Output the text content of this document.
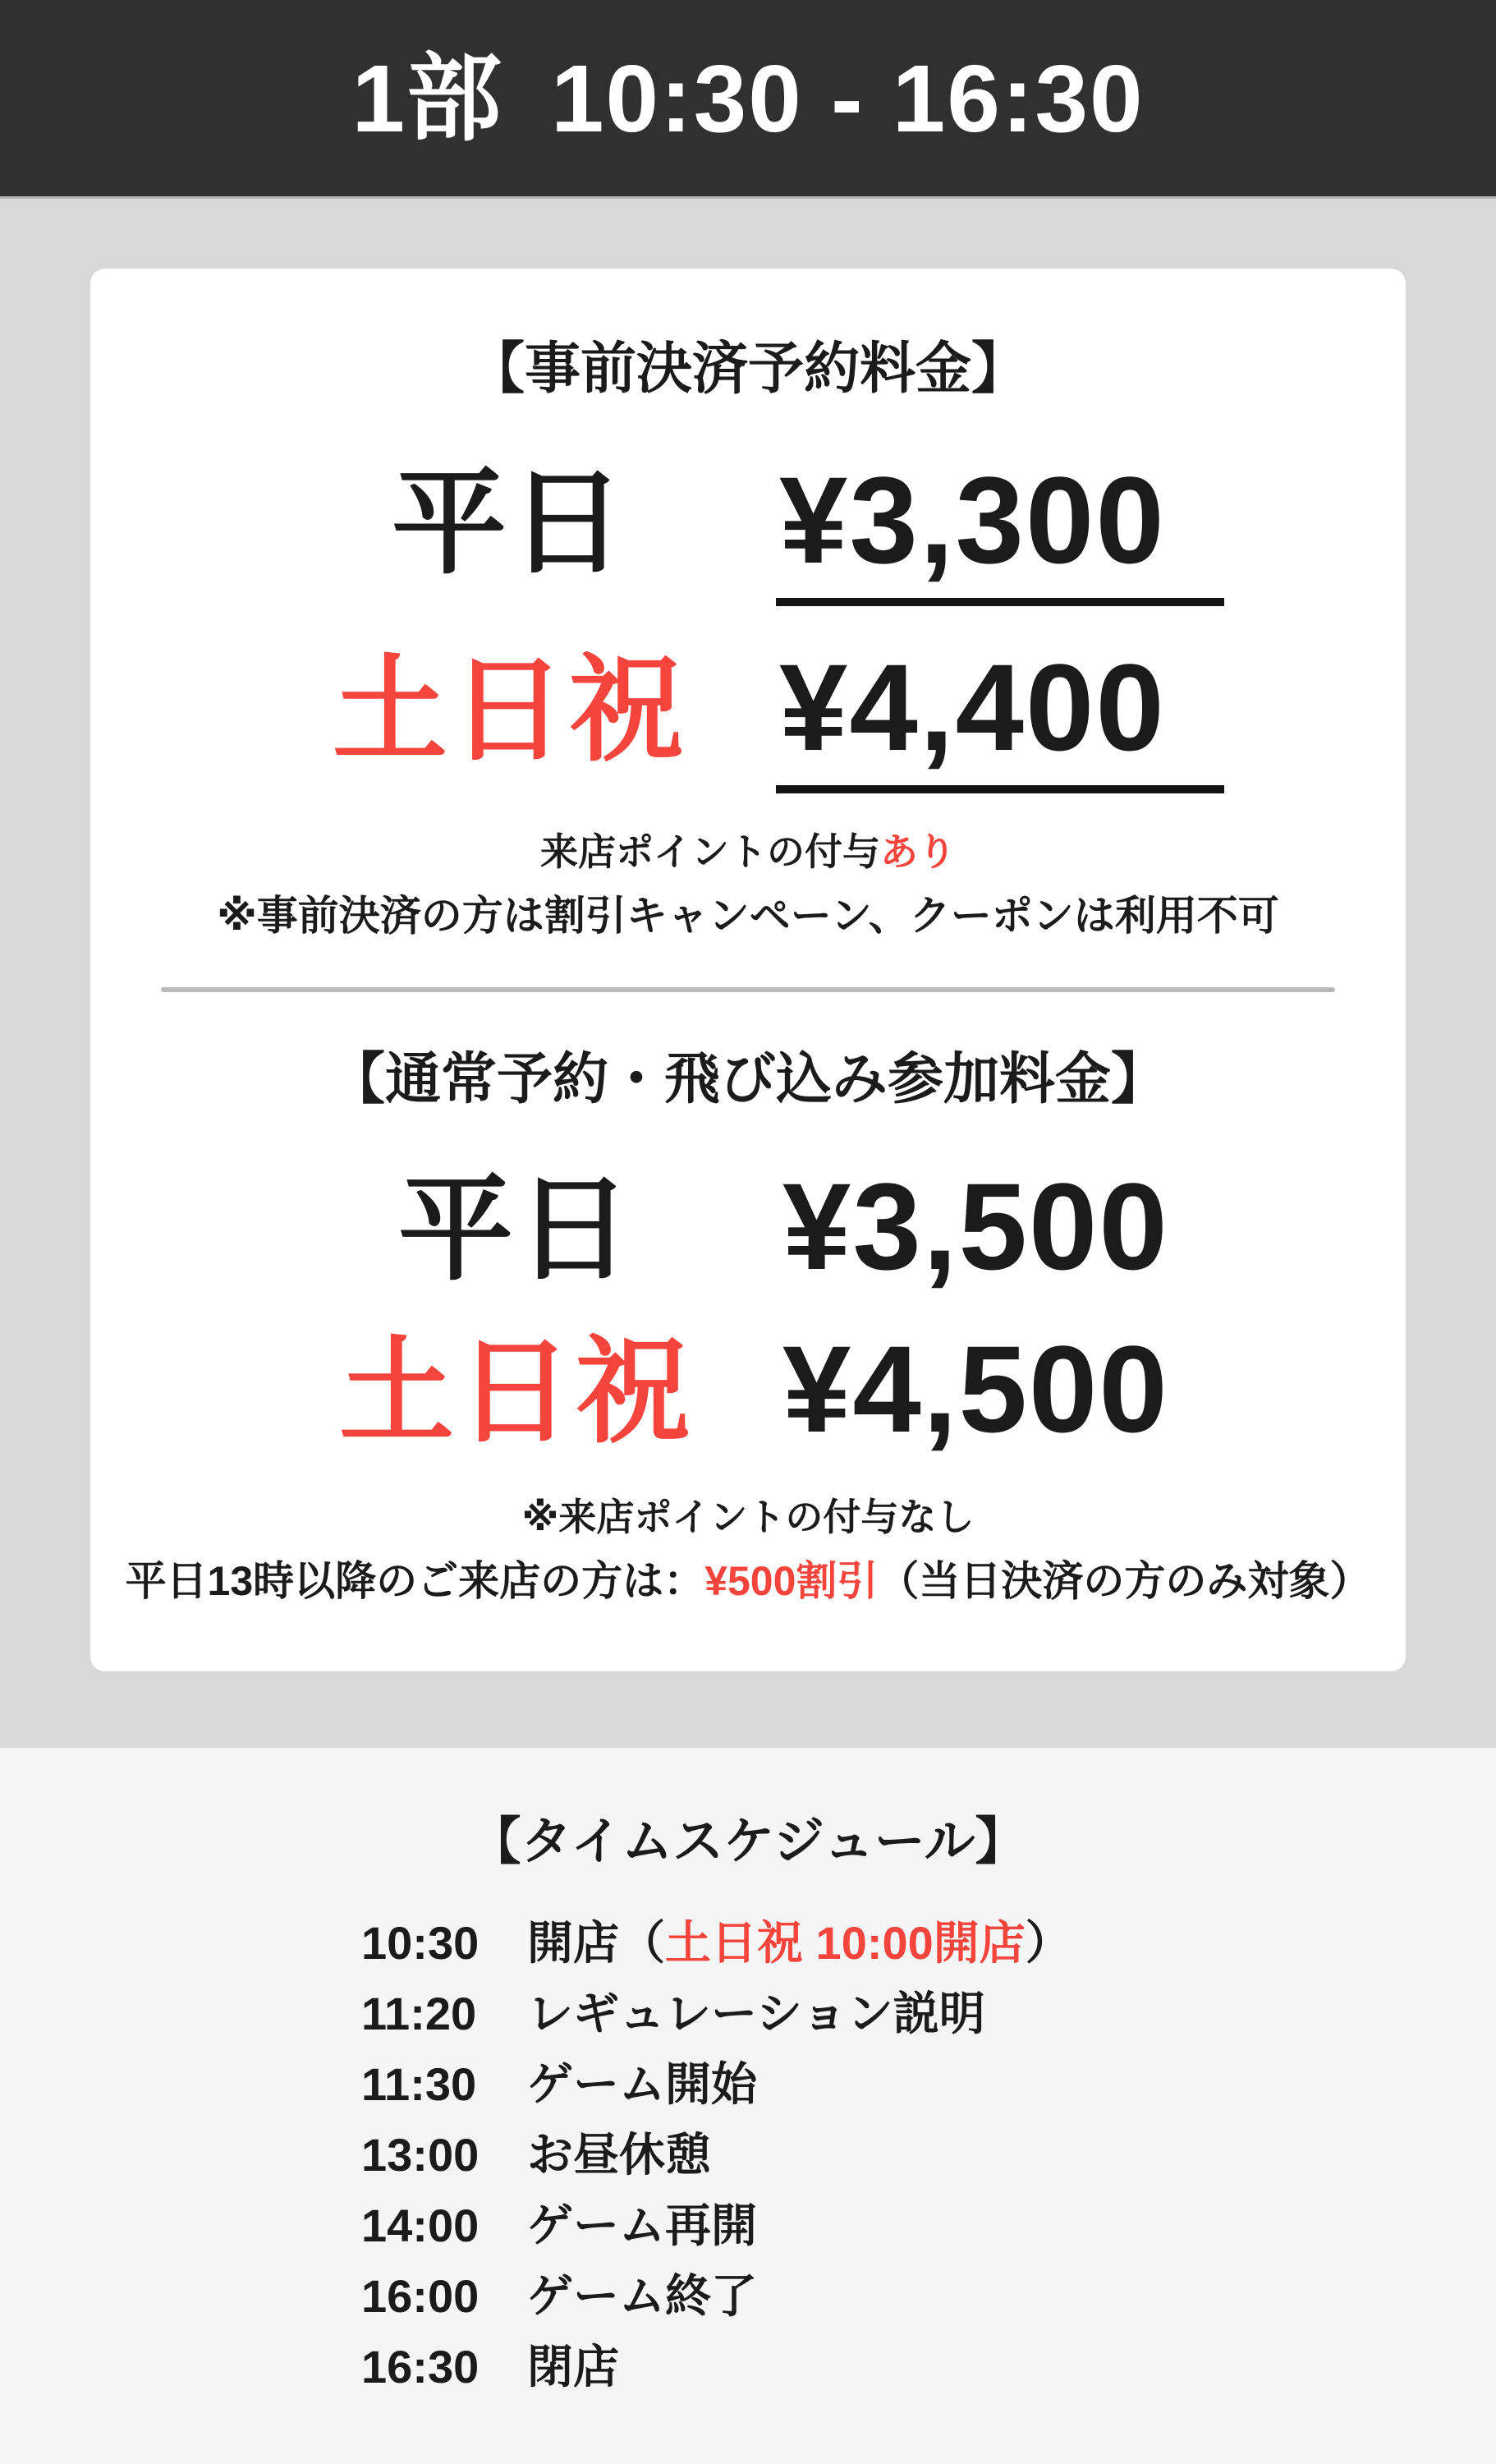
1部 10:30 - 16:30
【事前決済予約料金】
平日	¥3,300
土日祝 ¥4,400
来店ポイントの付与あり
※事前決済の方は割引キャンペーン、クーポンは利用不可
【通常予約・飛び込み参加料金】
平日	¥3,500
土日祝 ¥4,500
※来店ポイントの付与なし
平日13時以降のご来店の方は：¥500割引（当日決済の方のみ対象）
【タイムスケジュール】
10:30 開店（土日祝 10:00開店）
11:20 レギュレーション説明
11:30 ゲーム開始
13:00 お昼休憩
14:00 ゲーム再開
16:00 ゲーム終了
16:30 閉店
